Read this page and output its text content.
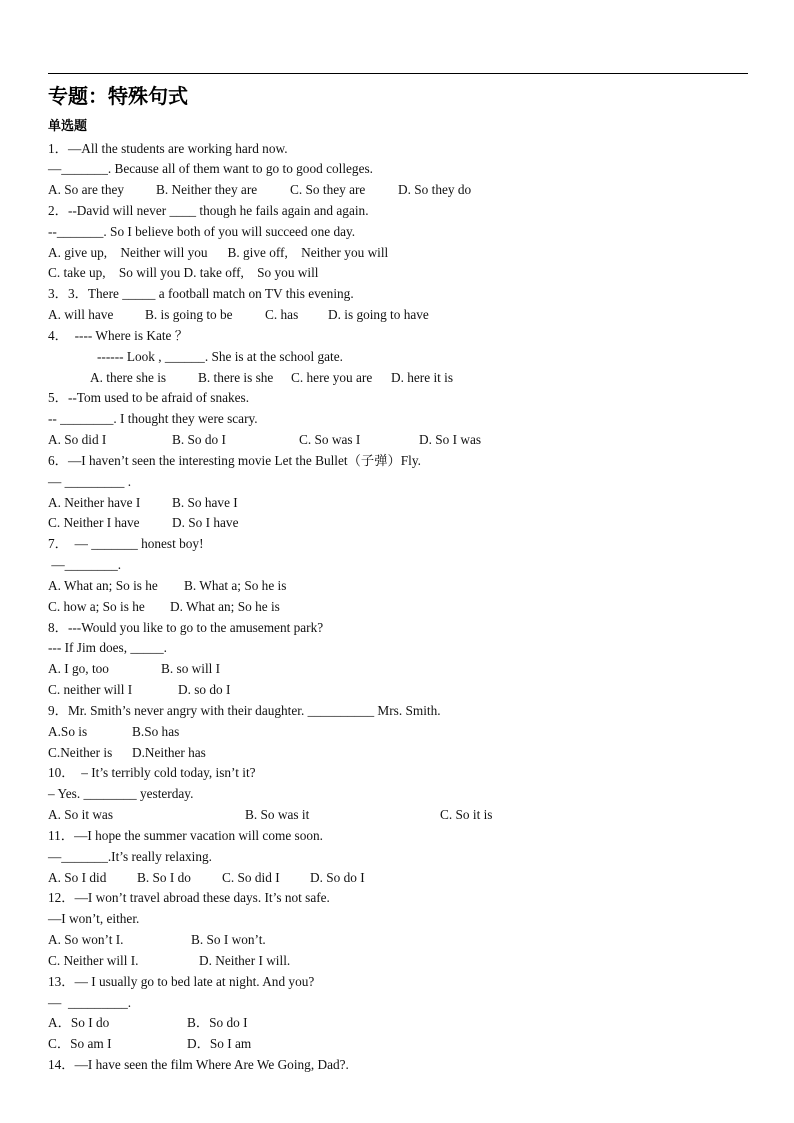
专题：特殊句式
单选题
1．—All the students are working hard now.
—_______. Because all of them want to go to good colleges.
A. So are they B. Neither they are C. So they are D. So they do
2．--David will never ____ though he fails again and again.
--_______. So I believe both of you will succeed one day.
A. give up,    Neither will you      B. give off,    Neither you will
C. take up,    So will you D. take off,    So you will
3．3．There _____ a football match on TV this evening.
A. will have B. is going to be C. has D. is going to have
4．  ---- Where is Kate ？
------ Look , ______. She is at the school gate.
A. there she is B. there is she C. here you are D. here it is
5．--Tom used to be afraid of snakes.
-- ________. I thought they were scary.
A. So did I	B. So do I	C. So was I	D. So I was
6．—I haven’t seen the interesting movie Let the Bullet（子弹）Fly.
— _________ .
A. Neither have I B. So have I
C. Neither I have D. So I have
7．  — _______ honest boy!
—________.
A. What an; So is he B. What a; So he is
C. how a; So is he D. What an; So he is
8．---Would you like to go to the amusement park?
--- If Jim does, _____.
A. I go, too	B. so will I
C. neither will I	D. so do I
9．Mr. Smith’s never angry with their daughter. __________ Mrs. Smith.
A.So is	B.So has
C.Neither is D.Neither has
10．  – It’s terribly cold today, isn’t it?
– Yes. ________ yesterday.
A. So it was	B. So was it	C. So it is
11．—I hope the summer vacation will come soon.
—_______.It’s really relaxing.
A. So I did B. So I do C. So did I D. So do I
12．—I won’t travel abroad these days. It’s not safe.
—I won’t, either.
A. So won’t I.	B. So I won’t.
C. Neither will I.	D. Neither I will.
13．— I usually go to bed late at night. And you?
—  _________.
A．So I do	B．So do I
C．So am I	D．So I am
14．—I have seen the film Where Are We Going, Dad?.
